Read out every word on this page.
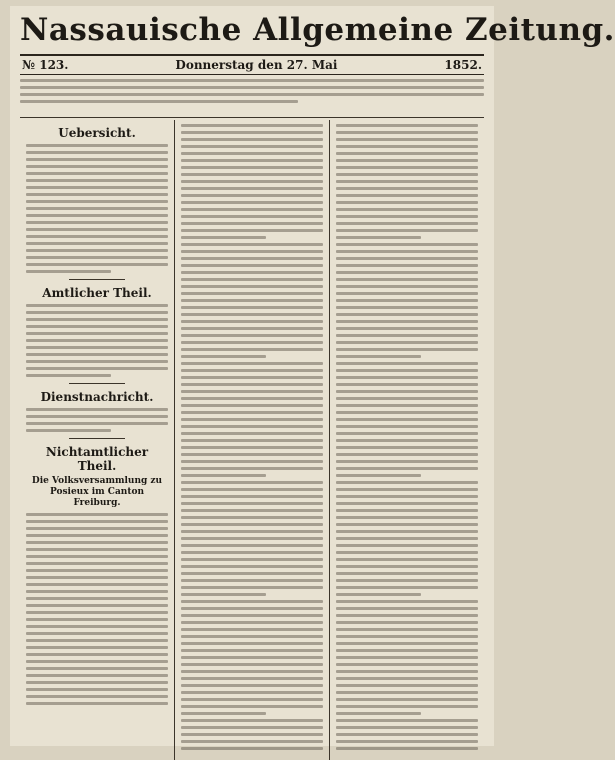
Nassauische Allgemeine Zeitung.
№ 123.	Donnerstag den 27. Mai	1852.
Uebersicht.
Amtlicher Theil.
Dienstnachricht.
Nichtamtlicher Theil.
Die Volksversammlung zu Posieux im Canton Freiburg.
